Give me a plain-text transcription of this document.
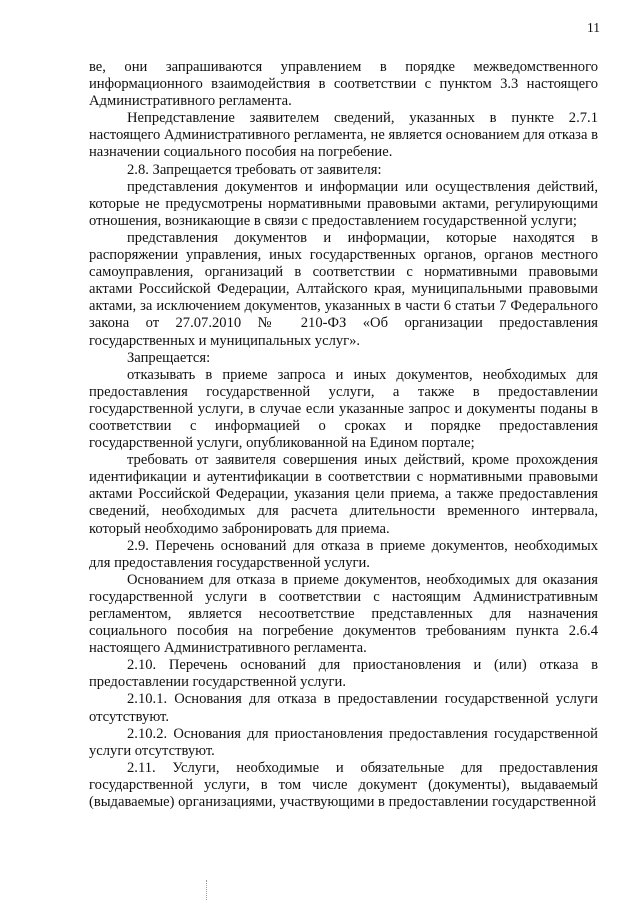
11

ве, они запрашиваются управлением в порядке межведомственного информационного взаимодействия в соответствии с пунктом 3.3 настоящего Административного регламента.

Непредставление заявителем сведений, указанных в пункте 2.7.1 настоящего Административного регламента, не является основанием для отказа в назначении социального пособия на погребение.

2.8. Запрещается требовать от заявителя:

представления документов и информации или осуществления действий, которые не предусмотрены нормативными правовыми актами, регулирующими отношения, возникающие в связи с предоставлением государственной услуги;

представления документов и информации, которые находятся в распоряжении управления, иных государственных органов, органов местного самоуправления, организаций в соответствии с нормативными правовыми актами Российской Федерации, Алтайского края, муниципальными правовыми актами, за исключением документов, указанных в части 6 статьи 7 Федерального закона от 27.07.2010 № 210-ФЗ «Об организации предоставления государственных и муниципальных услуг».

Запрещается:

отказывать в приеме запроса и иных документов, необходимых для предоставления государственной услуги, а также в предоставлении государственной услуги, в случае если указанные запрос и документы поданы в соответствии с информацией о сроках и порядке предоставления государственной услуги, опубликованной на Едином портале;

требовать от заявителя совершения иных действий, кроме прохождения идентификации и аутентификации в соответствии с нормативными правовыми актами Российской Федерации, указания цели приема, а также предоставления сведений, необходимых для расчета длительности временного интервала, который необходимо забронировать для приема.

2.9. Перечень оснований для отказа в приеме документов, необходимых для предоставления государственной услуги.

Основанием для отказа в приеме документов, необходимых для оказания государственной услуги в соответствии с настоящим Административным регламентом, является несоответствие представленных для назначения социального пособия на погребение документов требованиям пункта 2.6.4 настоящего Административного регламента.

2.10. Перечень оснований для приостановления и (или) отказа в предоставлении государственной услуги.

2.10.1. Основания для отказа в предоставлении государственной услуги отсутствуют.

2.10.2. Основания для приостановления предоставления государственной услуги отсутствуют.

2.11. Услуги, необходимые и обязательные для предоставления государственной услуги, в том числе документ (документы), выдаваемый (выдаваемые) организациями, участвующими в предоставлении государственной
